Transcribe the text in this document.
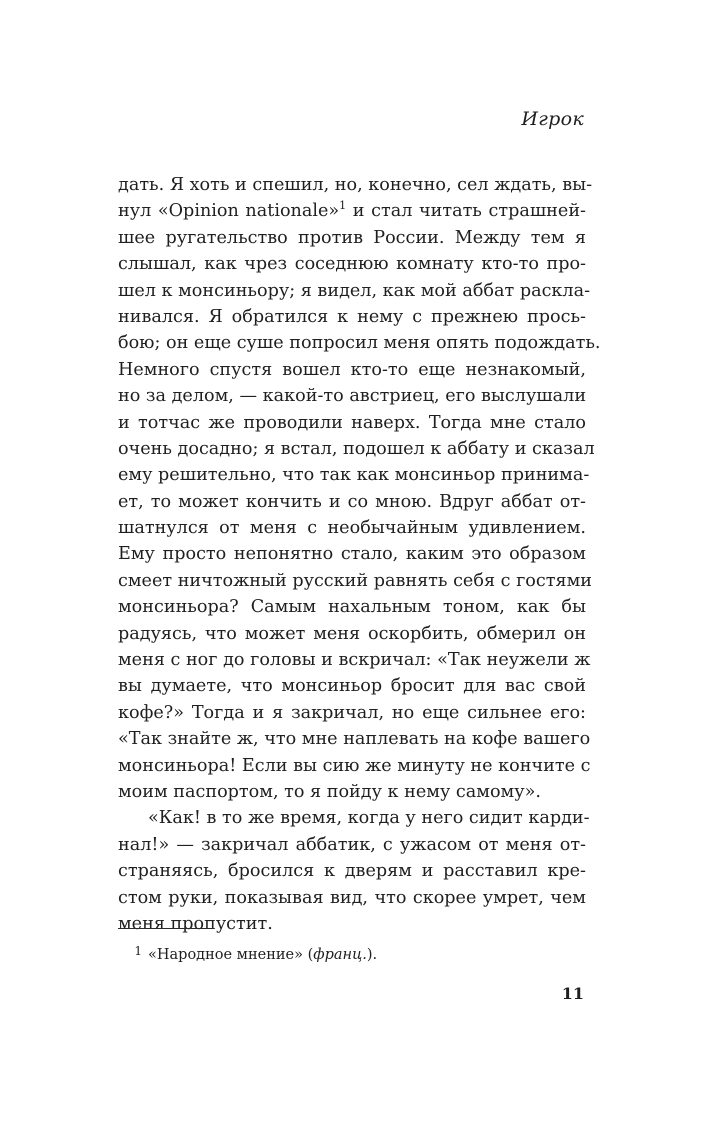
Игрок
дать. Я хоть и спешил, но, конечно, сел ждать, вы-
нул «Opinion nationale»$^1$ и стал читать страшней-
шее ругательство против России. Между тем я
слышал, как чрез соседнюю комнату кто-то про-
шел к монсиньору; я видел, как мой аббат раскла-
нивался. Я обратился к нему с прежнею прось-
бою; он еще суше попросил меня опять подождать.
Немного спустя вошел кто-то еще незнакомый,
но за делом, — какой-то австриец, его выслушали
и тотчас же проводили наверх. Тогда мне стало
очень досадно; я встал, подошел к аббату и сказал
ему решительно, что так как монсиньор принима-
ет, то может кончить и со мною. Вдруг аббат от-
шатнулся от меня с необычайным удивлением.
Ему просто непонятно стало, каким это образом
смеет ничтожный русский равнять себя с гостями
монсиньора? Самым нахальным тоном, как бы
радуясь, что может меня оскорбить, обмерил он
меня с ног до головы и вскричал: «Так неужели ж
вы думаете, что монсиньор бросит для вас свой
кофе?» Тогда и я закричал, но еще сильнее его:
«Так знайте ж, что мне наплевать на кофе вашего
монсиньора! Если вы сию же минуту не кончите с
моим паспортом, то я пойду к нему самому».
«Как! в то же время, когда у него сидит карди-
нал!» — закричал аббатик, с ужасом от меня от-
страняясь, бросился к дверям и расставил кре-
стом руки, показывая вид, что скорее умрет, чем
меня пропустит.
1 «Народное мнение» (франц.).
11
